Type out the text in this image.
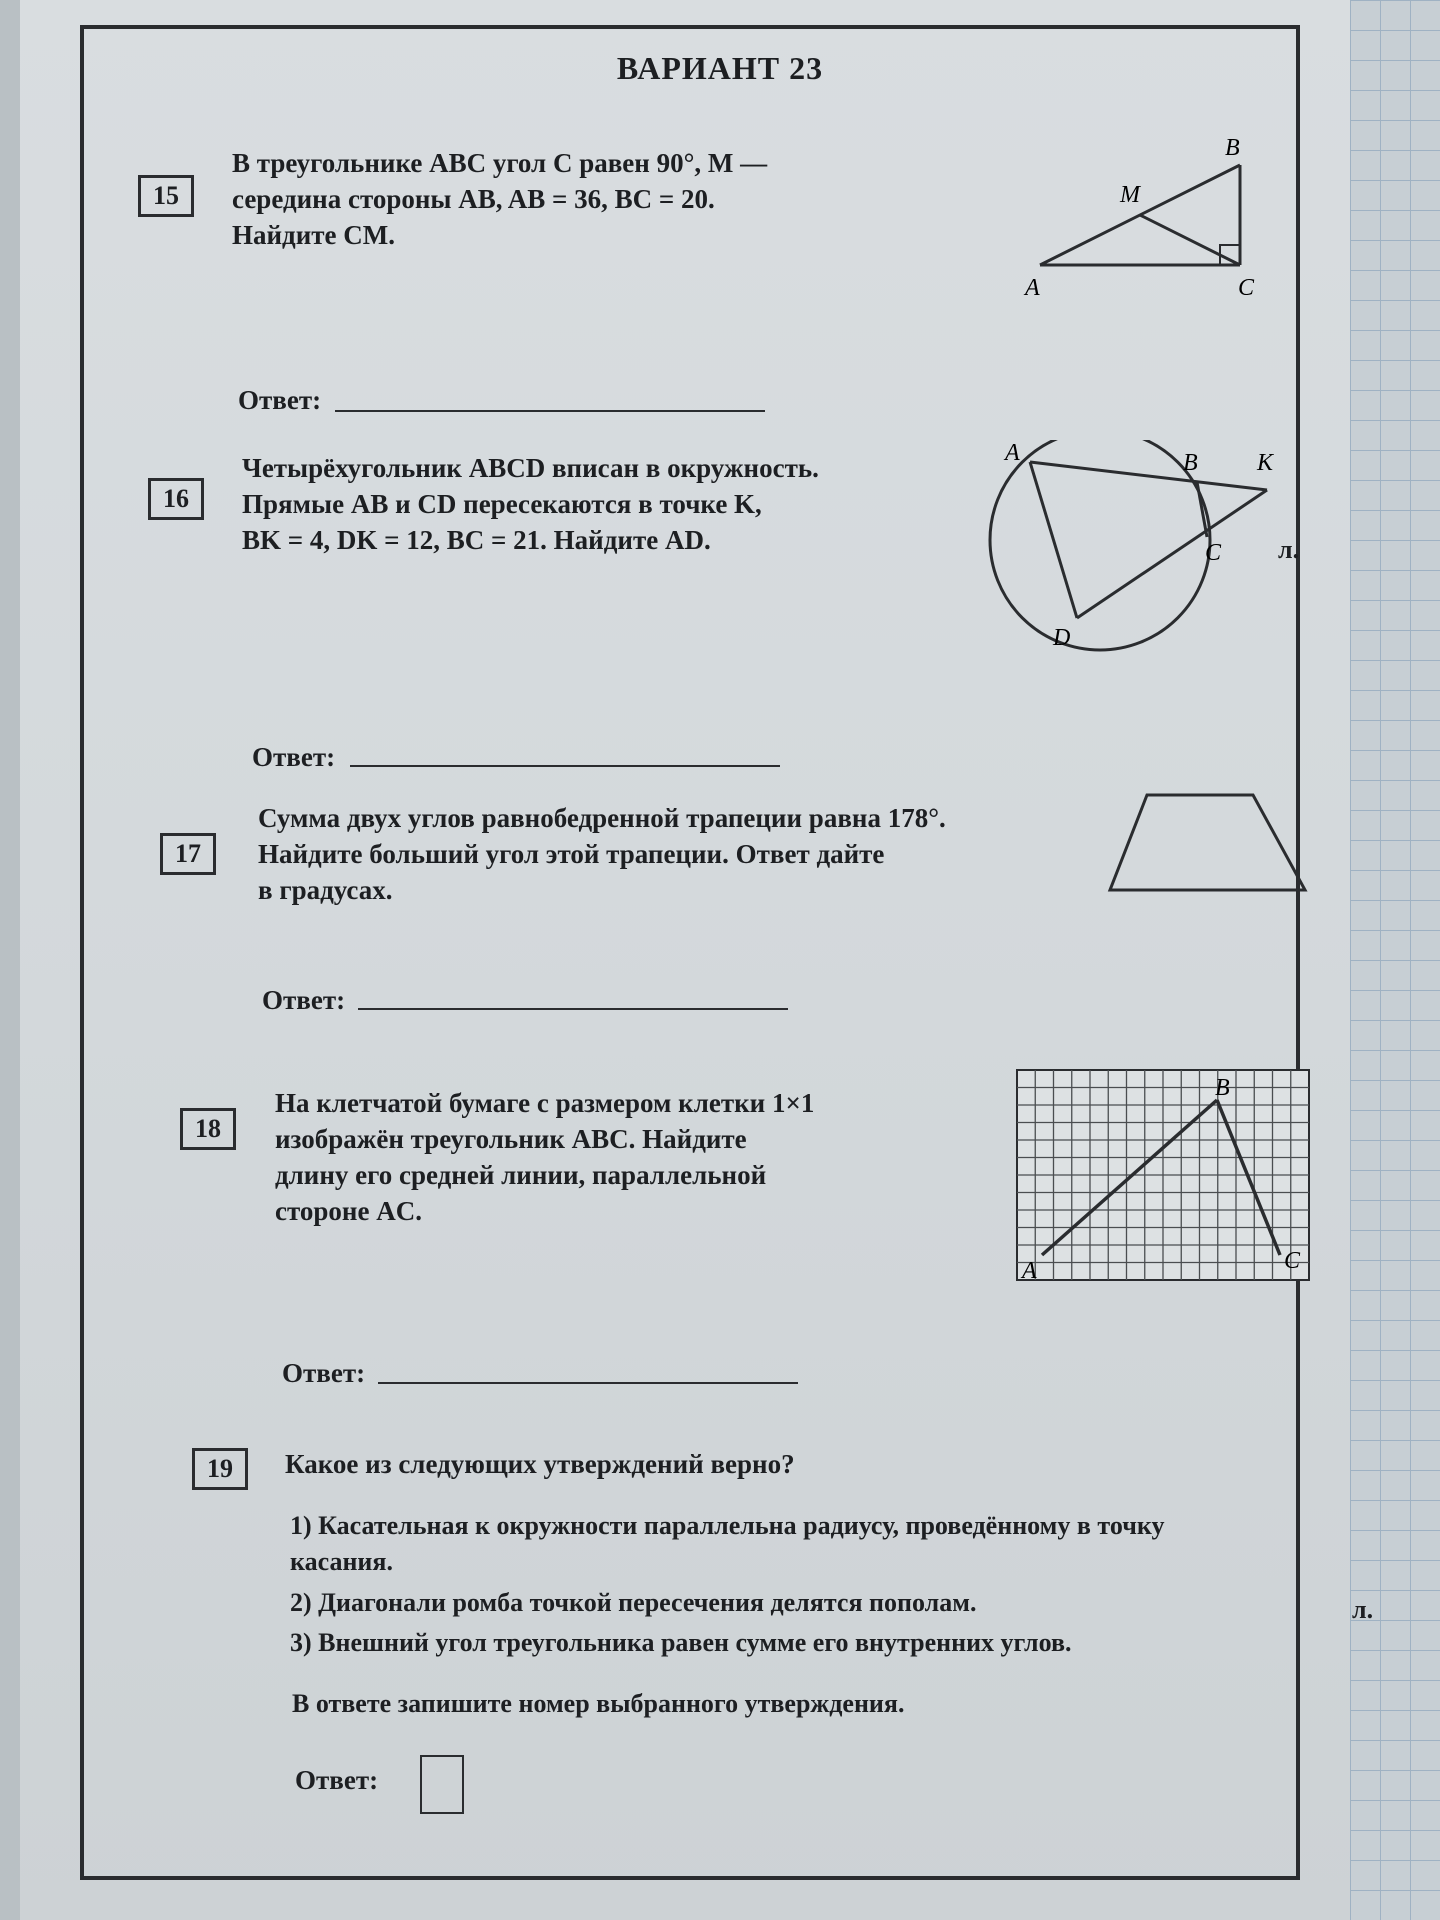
ВАРИАНТ 23
15
В треугольнике ABC угол C равен 90°, M —
середина стороны AB, AB = 36, BC = 20.
Найдите CM.
A
B
C
M
Ответ:
16
Четырёхугольник ABCD вписан в окружность.
Прямые AB и CD пересекаются в точке K,
BK = 4, DK = 12, BC = 21. Найдите AD.
A	B
C
D
K
Ответ:
17
Сумма двух углов равнобедренной трапеции равна 178°.
Найдите больший угол этой трапеции. Ответ дайте
в градусах.
Ответ:
18
На клетчатой бумаге с размером клетки 1×1
изображён треугольник ABC. Найдите
длину его средней линии, параллельной
стороне AC.
A
B
C
Ответ:
19	Какое из следующих утверждений верно?
1) Касательная к окружности параллельна радиусу, проведённому в точку
касания.
2) Диагонали ромба точкой пересечения делятся пополам.
3) Внешний угол треугольника равен сумме его внутренних углов.
В ответе запишите номер выбранного утверждения.
Ответ:
л.
л.
